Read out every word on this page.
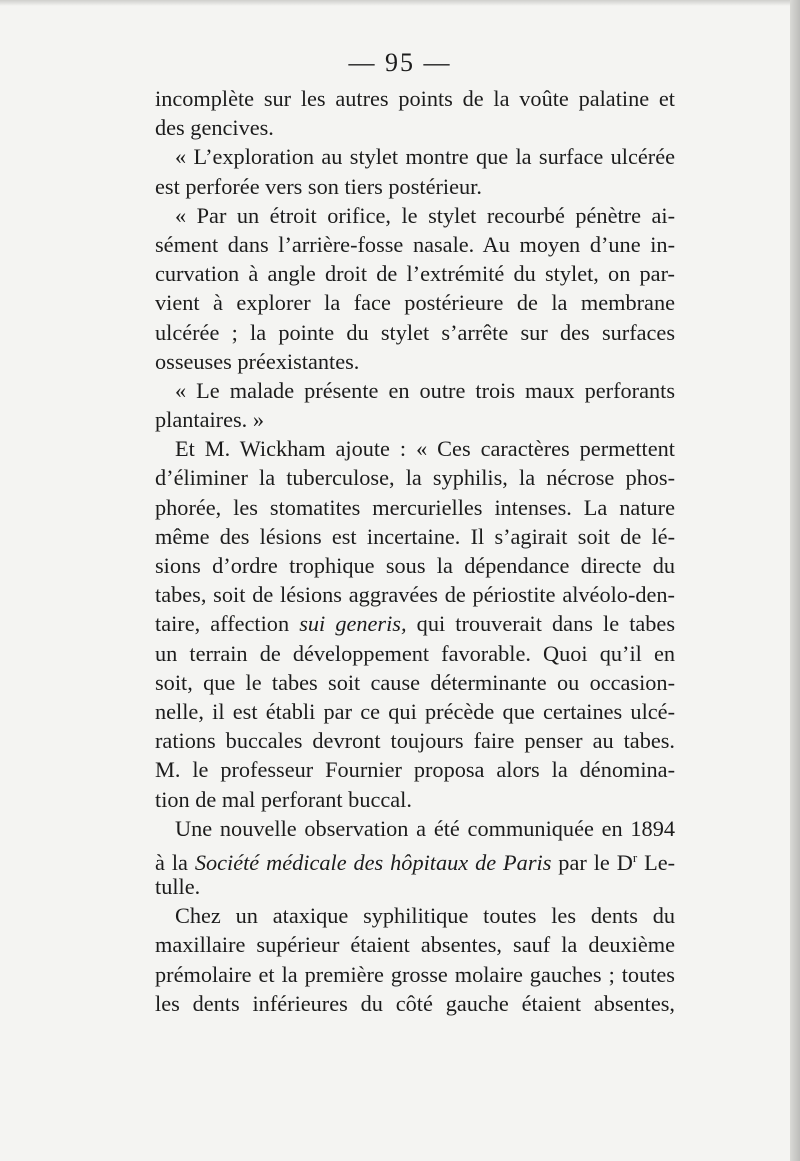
— 95 —
incomplète sur les autres points de la voûte palatine et
des gencives.
« L’exploration au stylet montre que la surface ulcérée
est perforée vers son tiers postérieur.
« Par un étroit orifice, le stylet recourbé pénètre ai-
sément dans l’arrière-fosse nasale. Au moyen d’une in-
curvation à angle droit de l’extrémité du stylet, on par-
vient à explorer la face postérieure de la membrane
ulcérée ; la pointe du stylet s’arrête sur des surfaces
osseuses préexistantes.
« Le malade présente en outre trois maux perforants
plantaires. »
Et M. Wickham ajoute : « Ces caractères permettent
d’éliminer la tuberculose, la syphilis, la nécrose phos-
phorée, les stomatites mercurielles intenses. La nature
même des lésions est incertaine. Il s’agirait soit de lé-
sions d’ordre trophique sous la dépendance directe du
tabes, soit de lésions aggravées de périostite alvéolo-den-
taire, affection sui generis, qui trouverait dans le tabes
un terrain de développement favorable. Quoi qu’il en
soit, que le tabes soit cause déterminante ou occasion-
nelle, il est établi par ce qui précède que certaines ulcé-
rations buccales devront toujours faire penser au tabes.
M. le professeur Fournier proposa alors la dénomina-
tion de mal perforant buccal.
Une nouvelle observation a été communiquée en 1894
à la Société médicale des hôpitaux de Paris par le $D^r$ Le-
tulle.
Chez un ataxique syphilitique toutes les dents du
maxillaire supérieur étaient absentes, sauf la deuxième
prémolaire et la première grosse molaire gauches ; toutes
les dents inférieures du côté gauche étaient absentes,
